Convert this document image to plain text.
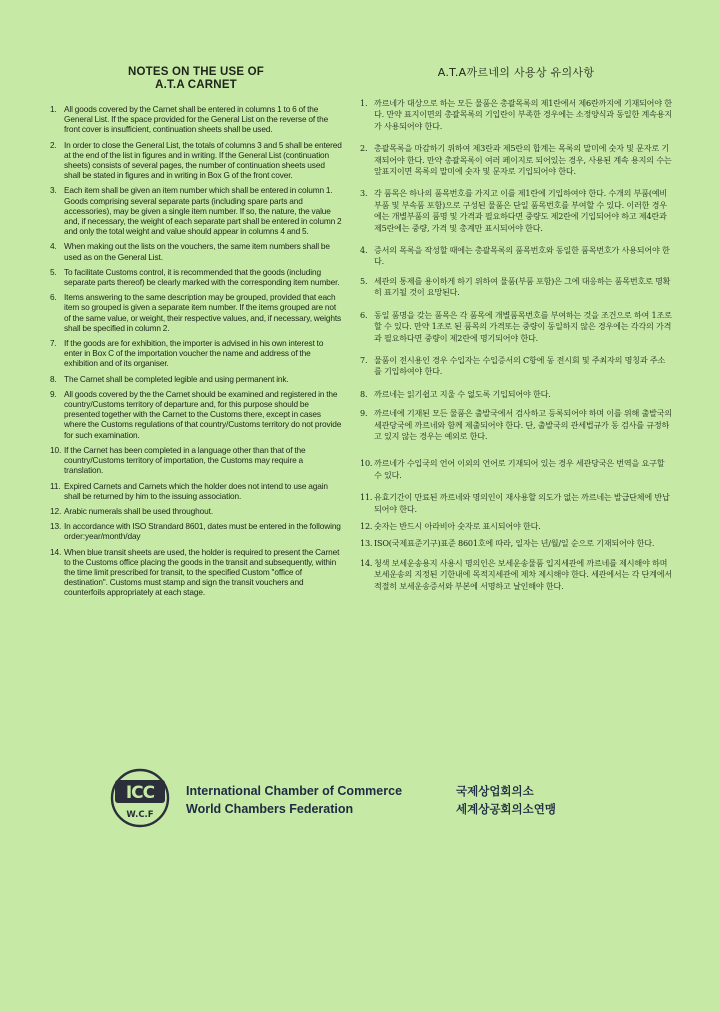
NOTES ON THE USE OF
A.T.A CARNET
1. All goods covered by the Carnet shall be entered in columns 1 to 6 of the General List. If the space provided for the General List on the reverse of the front cover is insufficient, continuation sheets shall be used.
2. In order to close the General List, the totals of columns 3 and 5 shall be entered at the end of the list in figures and in writing. If the General List (continuation sheets) consists of several pages, the number of continuation sheets used shall be stated in figures and in writing in Box G of the front cover.
3. Each item shall be given an item number which shall be entered in column 1. Goods comprising several separate parts (including spare parts and accessories), may be given a single item number. If so, the nature, the value and, if necessary, the weight of each separate part shall be entered in column 2 and only the total weight and value should appear in columns 4 and 5.
4. When making out the lists on the vouchers, the same item numbers shall be used as on the General List.
5. To facilitate Customs control, it is recommended that the goods (including separate parts thereof) be clearly marked with the corresponding item number.
6. Items answering to the same description may be grouped, provided that each item so grouped is given a separate item number. If the items grouped are not of the same value, or weight, their respective values, and, if necessary, weights shall be specified in column 2.
7. If the goods are for exhibition, the importer is advised in his own interest to enter in Box C of the importation voucher the name and address of the exhibition and of its organiser.
8. The Carnet shall be completed legible and using permanent ink.
9. All goods covered by the the Carnet should be examined and registered in the country/Customs territory of departure and, for this purpose should be presented together with the Carnet to the Customs there, except in cases where the Customs regulations of that country/Customs territory do not provide for such examination.
10. If the Carnet has been completed in a language other than that of the country/Customs territory of importation, the Customs may require a translation.
11. Expired Carnets and Carnets which the holder does not intend to use again shall be returned by him to the issuing association.
12. Arabic numerals shall be used throughout.
13. In accordance with ISO Strandard 8601, dates must be entered in the following order:year/month/day
14. When blue transit sheets are used, the holder is required to present the Carnet to the Customs office placing the goods in the transit and subsequently, within the time limit prescribed for transit, to the specified Custom "office of destination". Customs must stamp and sign the transit vouchers and counterfoils appropriately at each stage.
A.T.A까르네의 사용상 유의사항
1. 까르네가 대상으로 하는 모든 물품은 총괄목록의 제1란에서 제6란까지에 기재되어야 한다. 만약 표지이면의 총괄목록의 기입란이 부족한 경우에는 소정양식과 동일한 계속용지가 사용되어야 한다.
2. 총괄목록을 마감하기 위하여 제3란과 제5란의 합계는 목록의 말미에 숫자 및 문자로 기재되어야 한다. 만약 총괄목록이 여러 페이지로 되어있는 경우, 사용된 계속 용지의 수는 앞표지이면 목록의 말미에 숫자 및 문자로 기입되어야 한다.
3. 각 품목은 하나의 품목번호를 가지고 이를 제1란에 기입하여야 한다. 수개의 부품(예비부품 및 부속품 포함)으로 구성된 물품은 단일 품목번호를 부여할 수 있다. 이러한 경우에는 개별부품의 품명 및 가격과 필요하다면 중량도 제2란에 기입되어야 하고 제4란과 제5란에는 중량, 가격 및 총계만 표시되어야 한다.
4. 증서의 목록을 작성할 때에는 총괄목록의 품목번호와 동일한 품목번호가 사용되어야 한다.
5. 세관의 통제를 용이하게 하기 위하여 물품(부품 포함)은 그에 대응하는 품목번호로 명확히 표기될 것이 요망된다.
6. 동일 품명을 갖는 품목은 각 품목에 개별품목번호를 부여하는 것을 조건으로 하여 1조로 할 수 있다. 만약 1조로 된 품목의 가격또는 중량이 동일하지 않은 경우에는 각각의 가격과 필요하다면 중량이 제2란에 명기되어야 한다.
7. 물품이 전시용인 경우 수입자는 수입증서의 C항에 동 전시회 및 주최자의 명칭과 주소를 기입하여야 한다.
8. 까르네는 읽기쉽고 지울 수 없도록 기입되어야 한다.
9. 까르네에 기재된 모든 물품은 출발국에서 검사하고 등록되어야 하며 이를 위해 출발국의 세관당국에 까르네와 함께 제출되어야 한다. 단, 출발국의 관세법규가 동 검사를 규정하고 있지 않는 경우는 예외로 한다.
10. 까르네가 수입국의 언어 이외의 언어로 기재되어 있는 경우 세관당국은 번역을 요구할 수 있다.
11. 유효기간이 만료된 까르네와 명의인이 재사용할 의도가 없는 까르네는 발급단체에 반납되어야 한다.
12. 숫자는 반드시 아라비아 숫자로 표시되어야 한다.
13. ISO(국제표준기구)표준 8601호에 따라, 일자는 년/월/일 순으로 기재되어야 한다.
14. 청색 보세운송용지 사용시 명의인은 보세운송물품 입지세관에 까르네를 제시해야 하며 보세운송의 지정된 기한내에 목적지세관에 제차 제시해야 한다. 세관에서는 각 단계에서 적절히 보세운송증서와 부본에 서명하고 날인해야 한다.
ICC
W.C.F
International Chamber of Commerce
World Chambers Federation
국제상업회의소
세계상공회의소연맹
